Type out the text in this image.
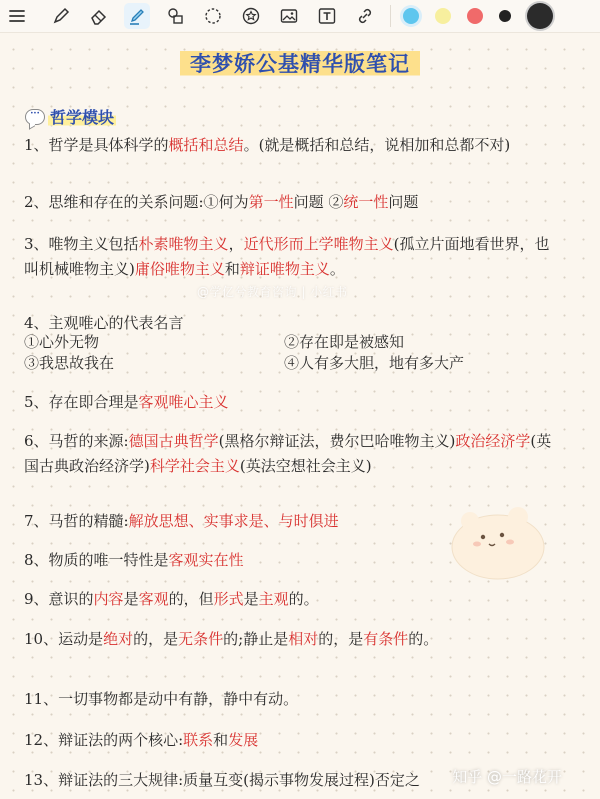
李梦娇公基精华版笔记
··· 哲学模块
1、哲学是具体科学的概括和总结。(就是概括和总结，说相加和总都不对)
2、思维和存在的关系问题:①何为第一性问题 ②统一性问题
3、唯物主义包括朴素唯物主义，近代形而上学唯物主义(孤立片面地看世界，也叫机械唯物主义)庸俗唯物主义和辩证唯物主义。
@学亿兮教育咨询 | 小红书
4、主观唯心的代表名言
①心外无物	②存在即是被感知
③我思故我在	④人有多大胆，地有多大产
5、存在即合理是客观唯心主义
6、马哲的来源:德国古典哲学(黑格尔辩证法，费尔巴哈唯物主义)政治经济学(英国古典政治经济学)科学社会主义(英法空想社会主义)
7、马哲的精髓:解放思想、实事求是、与时俱进
8、物质的唯一特性是客观实在性
9、意识的内容是客观的，但形式是主观的。
10、运动是绝对的，是无条件的;静止是相对的，是有条件的。
11、一切事物都是动中有静，静中有动。
12、辩证法的两个核心:联系和发展
13、辩证法的三大规律:质量互变(揭示事物发展过程)否定之	知乎 @一路花开
